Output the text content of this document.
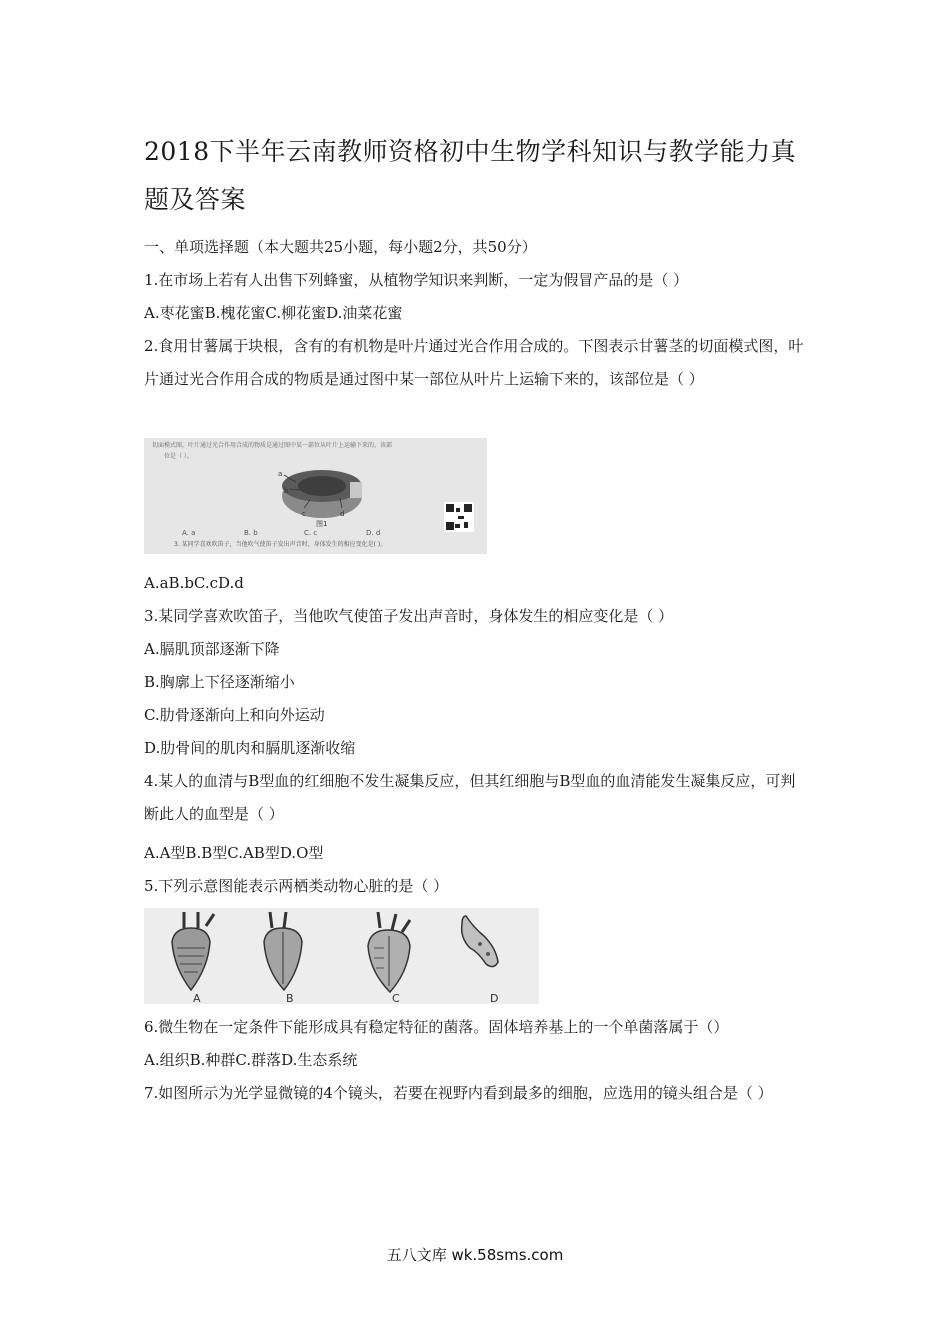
2018下半年云南教师资格初中生物学科知识与教学能力真题及答案
一、单项选择题（本大题共25小题，每小题2分，共50分）
1.在市场上若有人出售下列蜂蜜，从植物学知识来判断，一定为假冒产品的是（ ）
A.枣花蜜B.槐花蜜C.柳花蜜D.油菜花蜜
2.食用甘薯属于块根，含有的有机物是叶片通过光合作用合成的。下图表示甘薯茎的切面模式图，叶片通过光合作用合成的物质是通过图中某一部位从叶片上运输下来的，该部位是（ ）
切面模式图，叶片通过光合作用合成的物质是通过图中某一部位从叶片上运输下来的，该部
位是（ ）。
a
b
c	d
图1
A. a	B. b	C. c	D. d
3. 某同学喜欢吹笛子，当他吹气使笛子发出声音时，身体发生的相应变化是( )。
A.aB.bC.cD.d
3.某同学喜欢吹笛子，当他吹气使笛子发出声音时，身体发生的相应变化是（ ）
A.膈肌顶部逐渐下降
B.胸廓上下径逐渐缩小
C.肋骨逐渐向上和向外运动
D.肋骨间的肌肉和膈肌逐渐收缩
4.某人的血清与B型血的红细胞不发生凝集反应，但其红细胞与B型血的血清能发生凝集反应，可判断此人的血型是（ ）
A.A型B.B型C.AB型D.O型
5.下列示意图能表示两栖类动物心脏的是（ ）
A	B	C	D
6.微生物在一定条件下能形成具有稳定特征的菌落。固体培养基上的一个单菌落属于（）
A.组织B.种群C.群落D.生态系统
7.如图所示为光学显微镜的4个镜头，若要在视野内看到最多的细胞，应选用的镜头组合是（ ）
五八文库 wk.58sms.com
